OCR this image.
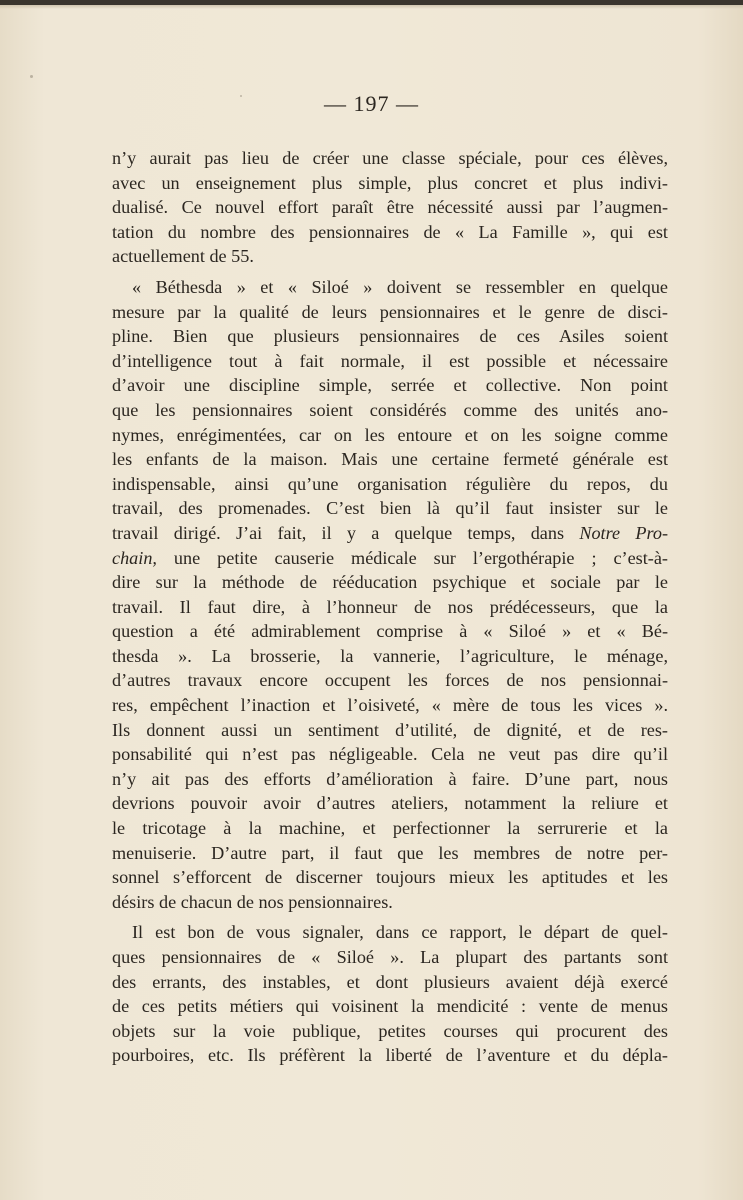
— 197 —
n’y aurait pas lieu de créer une classe spéciale, pour ces élèves,
avec un enseignement plus simple, plus concret et plus indivi-
dualisé. Ce nouvel effort paraît être nécessité aussi par l’augmen-
tation du nombre des pensionnaires de « La Famille », qui est
actuellement de 55.
« Béthesda » et « Siloé » doivent se ressembler en quelque
mesure par la qualité de leurs pensionnaires et le genre de disci-
pline. Bien que plusieurs pensionnaires de ces Asiles soient
d’intelligence tout à fait normale, il est possible et nécessaire
d’avoir une discipline simple, serrée et collective. Non point
que les pensionnaires soient considérés comme des unités ano-
nymes, enrégimentées, car on les entoure et on les soigne comme
les enfants de la maison. Mais une certaine fermeté générale est
indispensable, ainsi qu’une organisation régulière du repos, du
travail, des promenades. C’est bien là qu’il faut insister sur le
travail dirigé. J’ai fait, il y a quelque temps, dans Notre Pro-
chain, une petite causerie médicale sur l’ergothérapie ; c’est-à-
dire sur la méthode de rééducation psychique et sociale par le
travail. Il faut dire, à l’honneur de nos prédécesseurs, que la
question a été admirablement comprise à « Siloé » et « Bé-
thesda ». La brosserie, la vannerie, l’agriculture, le ménage,
d’autres travaux encore occupent les forces de nos pensionnai-
res, empêchent l’inaction et l’oisiveté, « mère de tous les vices ».
Ils donnent aussi un sentiment d’utilité, de dignité, et de res-
ponsabilité qui n’est pas négligeable. Cela ne veut pas dire qu’il
n’y ait pas des efforts d’amélioration à faire. D’une part, nous
devrions pouvoir avoir d’autres ateliers, notamment la reliure et
le tricotage à la machine, et perfectionner la serrurerie et la
menuiserie. D’autre part, il faut que les membres de notre per-
sonnel s’efforcent de discerner toujours mieux les aptitudes et les
désirs de chacun de nos pensionnaires.
Il est bon de vous signaler, dans ce rapport, le départ de quel-
ques pensionnaires de « Siloé ». La plupart des partants sont
des errants, des instables, et dont plusieurs avaient déjà exercé
de ces petits métiers qui voisinent la mendicité : vente de menus
objets sur la voie publique, petites courses qui procurent des
pourboires, etc. Ils préfèrent la liberté de l’aventure et du dépla-
